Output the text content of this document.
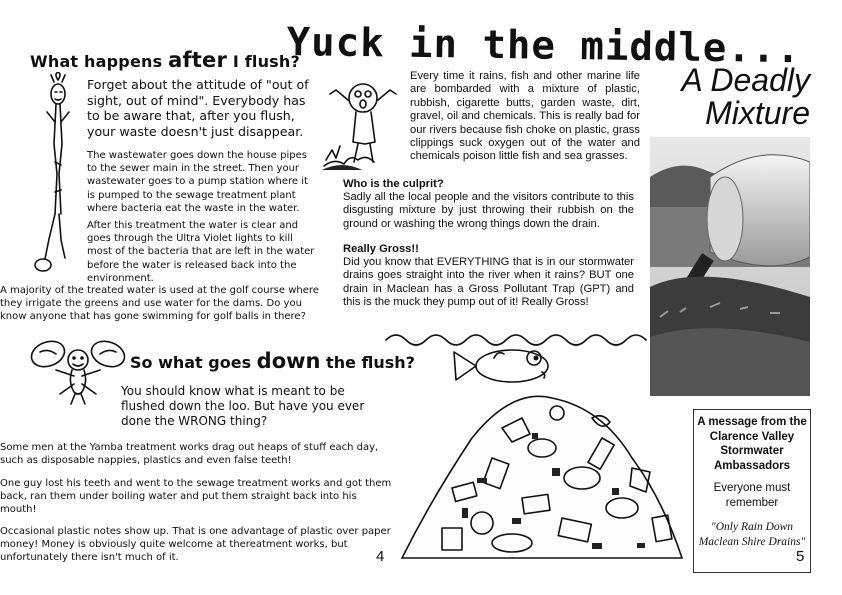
What happens after I flush?
Forget about the attitude of "out of sight, out of mind". Everybody has to be aware that, after you flush, your waste doesn't just disappear.
The wastewater goes down the house pipes to the sewer main in the street. Then your wastewater goes to a pump station where it is pumped to the sewage treatment plant where bacteria eat the waste in the water.
After this treatment the water is clear and goes through the Ultra Violet lights to kill most of the bacteria that are left in the water before the water is released back into the environment.
A majority of the treated water is used at the golf course where they irrigate the greens and use water for the dams. Do you know anyone that has gone swimming for golf balls in there?
So what goes down the flush?
You should know what is meant to be flushed down the loo. But have you ever done the WRONG thing?
Some men at the Yamba treatment works drag out heaps of stuff each day, such as disposable nappies, plastics and even false teeth!
One guy lost his teeth and went to the sewage treatment works and got them back, ran them under boiling water and put them straight back into his mouth!
Occasional plastic notes show up. That is one advantage of plastic over paper money! Money is obviously quite welcome at thereatment works, but unfortunately there isn't much of it.	4
Yuck in the middle...
A Deadly Mixture
Every time it rains, fish and other marine life are bombarded with a mixture of plastic, rubbish, cigarette butts, garden waste, dirt, gravel, oil and chemicals. This is really bad for our rivers because fish choke on plastic, grass clippings suck oxygen out of the water and chemicals poison little fish and sea grasses.
Who is the culprit?
Sadly all the local people and the visitors contribute to this disgusting mixture by just throwing their rubbish on the ground or washing the wrong things down the drain.
Really Gross!!
Did you know that EVERYTHING that is in our stormwater drains goes straight into the river when it rains? BUT one drain in Maclean has a Gross Pollutant Trap (GPT) and this is the muck they pump out of it! Really Gross!
A message from the Clarence Valley Stormwater Ambassadors
Everyone must remember
"Only Rain Down Maclean Shire Drains"
5
